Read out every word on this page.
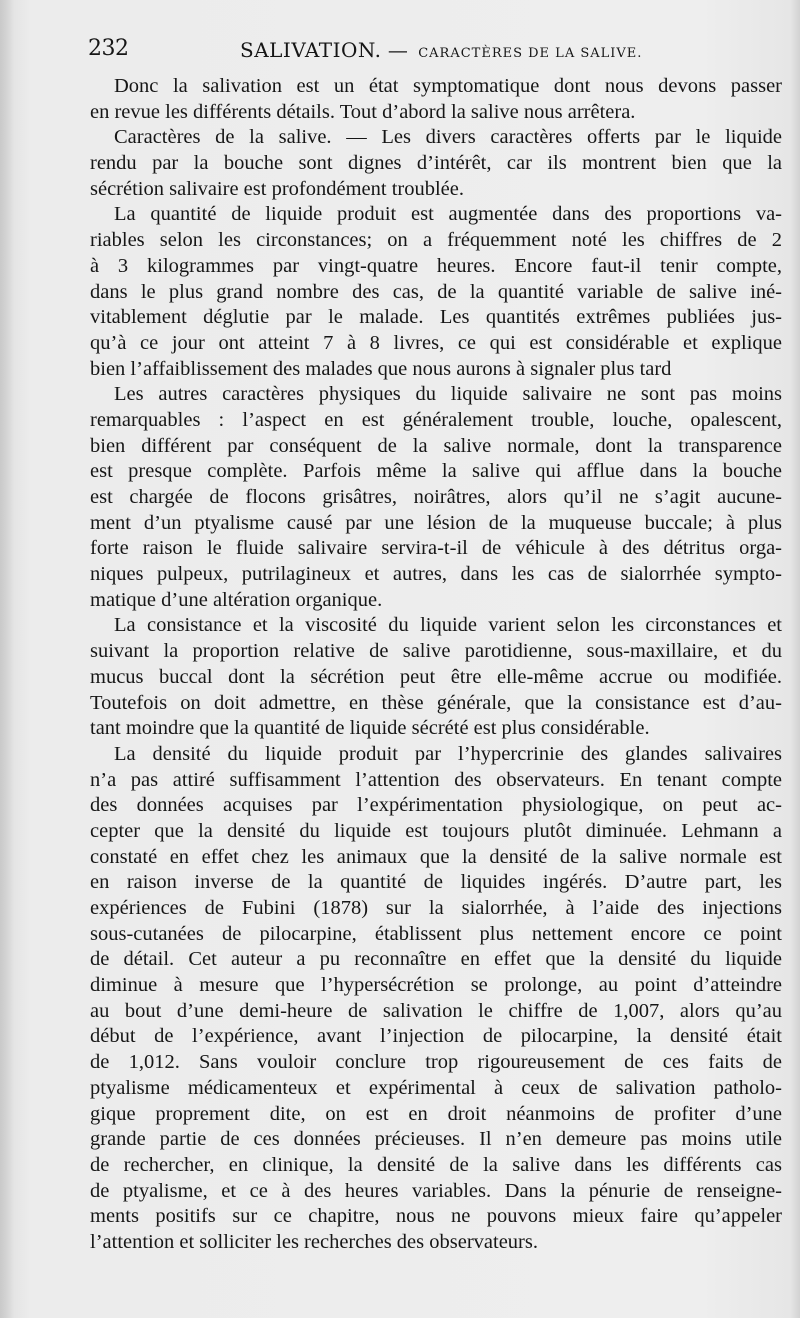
232	SALIVATION. — CARACTÈRES DE LA SALIVE.
Donc la salivation est un état symptomatique dont nous devons passer
en revue les différents détails. Tout d’abord la salive nous arrêtera.
Caractères de la salive. — Les divers caractères offerts par le liquide
rendu par la bouche sont dignes d’intérêt, car ils montrent bien que la
sécrétion salivaire est profondément troublée.
La quantité de liquide produit est augmentée dans des proportions va-
riables selon les circonstances; on a fréquemment noté les chiffres de 2
à 3 kilogrammes par vingt-quatre heures. Encore faut-il tenir compte,
dans le plus grand nombre des cas, de la quantité variable de salive iné-
vitablement déglutie par le malade. Les quantités extrêmes publiées jus-
qu’à ce jour ont atteint 7 à 8 livres, ce qui est considérable et explique
bien l’affaiblissement des malades que nous aurons à signaler plus tard
Les autres caractères physiques du liquide salivaire ne sont pas moins
remarquables : l’aspect en est généralement trouble, louche, opalescent,
bien différent par conséquent de la salive normale, dont la transparence
est presque complète. Parfois même la salive qui afflue dans la bouche
est chargée de flocons grisâtres, noirâtres, alors qu’il ne s’agit aucune-
ment d’un ptyalisme causé par une lésion de la muqueuse buccale; à plus
forte raison le fluide salivaire servira-t-il de véhicule à des détritus orga-
niques pulpeux, putrilagineux et autres, dans les cas de sialorrhée sympto-
matique d’une altération organique.
La consistance et la viscosité du liquide varient selon les circonstances et
suivant la proportion relative de salive parotidienne, sous-maxillaire, et du
mucus buccal dont la sécrétion peut être elle-même accrue ou modifiée.
Toutefois on doit admettre, en thèse générale, que la consistance est d’au-
tant moindre que la quantité de liquide sécrété est plus considérable.
La densité du liquide produit par l’hypercrinie des glandes salivaires
n’a pas attiré suffisamment l’attention des observateurs. En tenant compte
des données acquises par l’expérimentation physiologique, on peut ac-
cepter que la densité du liquide est toujours plutôt diminuée. Lehmann a
constaté en effet chez les animaux que la densité de la salive normale est
en raison inverse de la quantité de liquides ingérés. D’autre part, les
expériences de Fubini (1878) sur la sialorrhée, à l’aide des injections
sous-cutanées de pilocarpine, établissent plus nettement encore ce point
de détail. Cet auteur a pu reconnaître en effet que la densité du liquide
diminue à mesure que l’hypersécrétion se prolonge, au point d’atteindre
au bout d’une demi-heure de salivation le chiffre de 1,007, alors qu’au
début de l’expérience, avant l’injection de pilocarpine, la densité était
de 1,012. Sans vouloir conclure trop rigoureusement de ces faits de
ptyalisme médicamenteux et expérimental à ceux de salivation patholo-
gique proprement dite, on est en droit néanmoins de profiter d’une
grande partie de ces données précieuses. Il n’en demeure pas moins utile
de rechercher, en clinique, la densité de la salive dans les différents cas
de ptyalisme, et ce à des heures variables. Dans la pénurie de renseigne-
ments positifs sur ce chapitre, nous ne pouvons mieux faire qu’appeler
l’attention et solliciter les recherches des observateurs.
